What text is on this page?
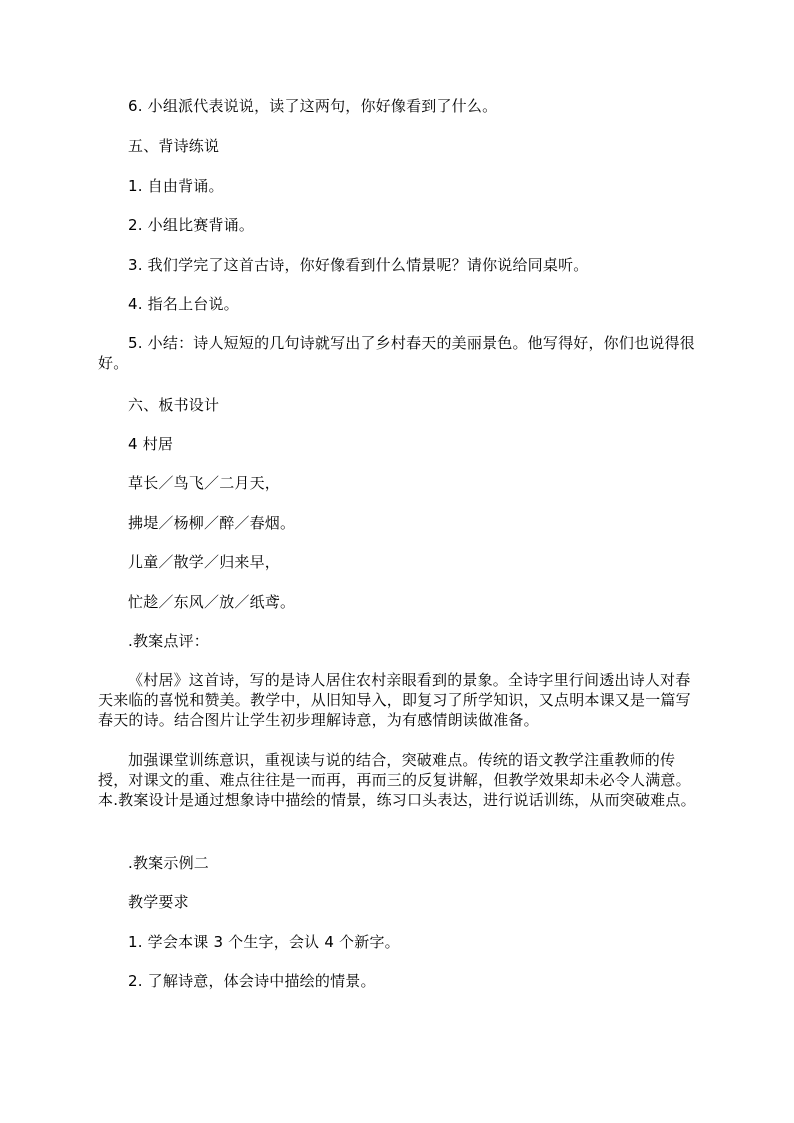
6. 小组派代表说说，读了这两句，你好像看到了什么。
五、背诗练说
1. 自由背诵。
2. 小组比赛背诵。
3. 我们学完了这首古诗，你好像看到什么情景呢？请你说给同桌听。
4. 指名上台说。
5. 小结：诗人短短的几句诗就写出了乡村春天的美丽景色。他写得好，你们也说得很好。
六、板书设计
4 村居
草长／鸟飞／二月天，
拂堤／杨柳／醉／春烟。
儿童／散学／归来早，
忙趁／东风／放／纸鸢。
.教案点评：
《村居》这首诗，写的是诗人居住农村亲眼看到的景象。全诗字里行间透出诗人对春天来临的喜悦和赞美。教学中，从旧知导入，即复习了所学知识，又点明本课又是一篇写春天的诗。结合图片让学生初步理解诗意，为有感情朗读做准备。
加强课堂训练意识，重视读与说的结合，突破难点。传统的语文教学注重教师的传授，对课文的重、难点往往是一而再，再而三的反复讲解，但教学效果却未必令人满意。本.教案设计是通过想象诗中描绘的情景，练习口头表达，进行说话训练，从而突破难点。
.教案示例二
教学要求
1. 学会本课 3 个生字，会认 4 个新字。
2. 了解诗意，体会诗中描绘的情景。
